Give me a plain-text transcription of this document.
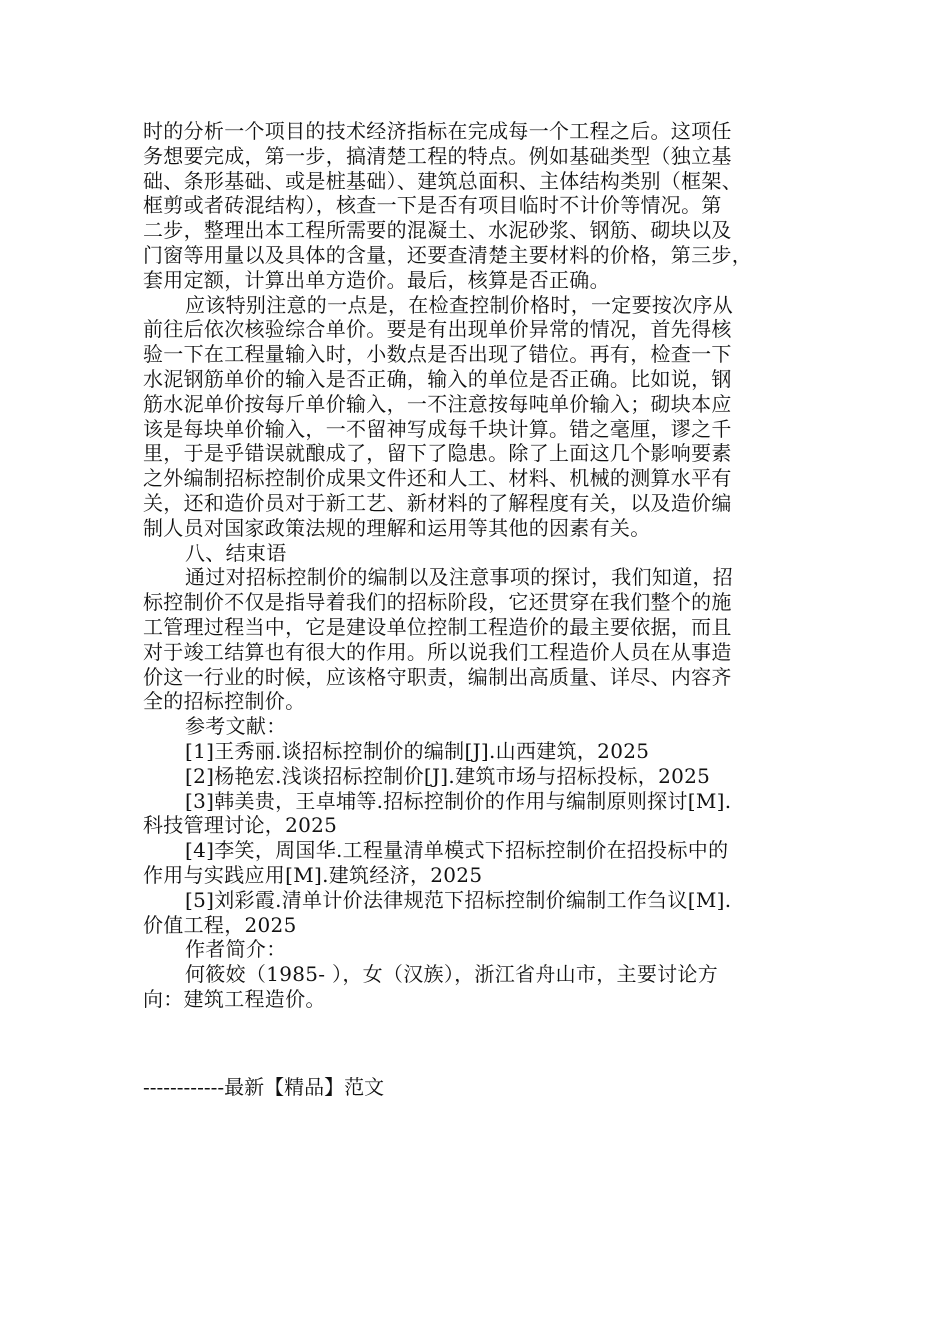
时的分析一个项目的技术经济指标在完成每一个工程之后。这项任
务想要完成，第一步，搞清楚工程的特点。例如基础类型（独立基
础、条形基础、或是桩基础）、建筑总面积、主体结构类别（框架、
框剪或者砖混结构），核查一下是否有项目临时不计价等情况。第
二步，整理出本工程所需要的混凝土、水泥砂浆、钢筋、砌块以及
门窗等用量以及具体的含量，还要查清楚主要材料的价格，第三步，
套用定额，计算出单方造价。最后，核算是否正确。
应该特别注意的一点是，在检查控制价格时，一定要按次序从
前往后依次核验综合单价。要是有出现单价异常的情况，首先得核
验一下在工程量输入时，小数点是否出现了错位。再有，检查一下
水泥钢筋单价的输入是否正确，输入的单位是否正确。比如说，钢
筋水泥单价按每斤单价输入，一不注意按每吨单价输入；砌块本应
该是每块单价输入，一不留神写成每千块计算。错之毫厘，谬之千
里，于是乎错误就酿成了，留下了隐患。除了上面这几个影响要素
之外编制招标控制价成果文件还和人工、材料、机械的测算水平有
关，还和造价员对于新工艺、新材料的了解程度有关，以及造价编
制人员对国家政策法规的理解和运用等其他的因素有关。
八、结束语
通过对招标控制价的编制以及注意事项的探讨，我们知道，招
标控制价不仅是指导着我们的招标阶段，它还贯穿在我们整个的施
工管理过程当中，它是建设单位控制工程造价的最主要依据，而且
对于竣工结算也有很大的作用。所以说我们工程造价人员在从事造
价这一行业的时候，应该格守职责，编制出高质量、详尽、内容齐
全的招标控制价。
参考文献：
[1]王秀丽.谈招标控制价的编制[J].山西建筑，2025
[2]杨艳宏.浅谈招标控制价[J].建筑市场与招标投标，2025
[3]韩美贵，王卓埔等.招标控制价的作用与编制原则探讨[M].
科技管理讨论，2025
[4]李笑，周国华.工程量清单模式下招标控制价在招投标中的
作用与实践应用[M].建筑经济，2025
[5]刘彩霞.清单计价法律规范下招标控制价编制工作刍议[M].
价值工程，2025
作者简介：
何筱姣（1985- ），女（汉族），浙江省舟山市，主要讨论方
向：建筑工程造价。
------------最新【精品】范文
